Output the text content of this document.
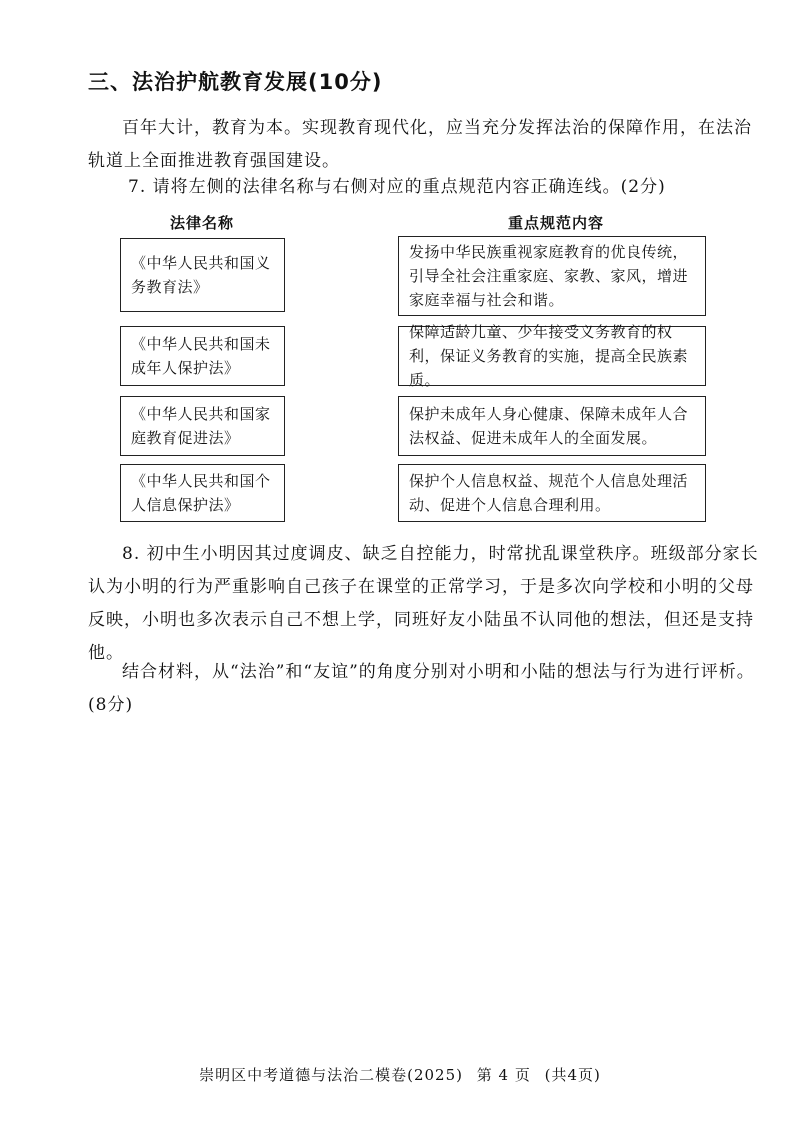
三、法治护航教育发展(10分)

百年大计，教育为本。实现教育现代化，应当充分发挥法治的保障作用，在法治轨道上全面推进教育强国建设。

7. 请将左侧的法律名称与右侧对应的重点规范内容正确连线。(2分)
法律名称	重点规范内容
《中华人民共和国义务教育法》
《中华人民共和国未成年人保护法》
《中华人民共和国家庭教育促进法》
《中华人民共和国个人信息保护法》
发扬中华民族重视家庭教育的优良传统，引导全社会注重家庭、家教、家风，增进家庭幸福与社会和谐。
保障适龄儿童、少年接受义务教育的权利，保证义务教育的实施，提高全民族素质。
保护未成年人身心健康、保障未成年人合法权益、促进未成年人的全面发展。
保护个人信息权益、规范个人信息处理活动、促进个人信息合理利用。

8. 初中生小明因其过度调皮、缺乏自控能力，时常扰乱课堂秩序。班级部分家长认为小明的行为严重影响自己孩子在课堂的正常学习，于是多次向学校和小明的父母反映，小明也多次表示自己不想上学，同班好友小陆虽不认同他的想法，但还是支持他。

结合材料，从“法治”和“友谊”的角度分别对小明和小陆的想法与行为进行评析。(8分)

崇明区中考道德与法治二模卷(2025) 第 4 页 (共4页)
